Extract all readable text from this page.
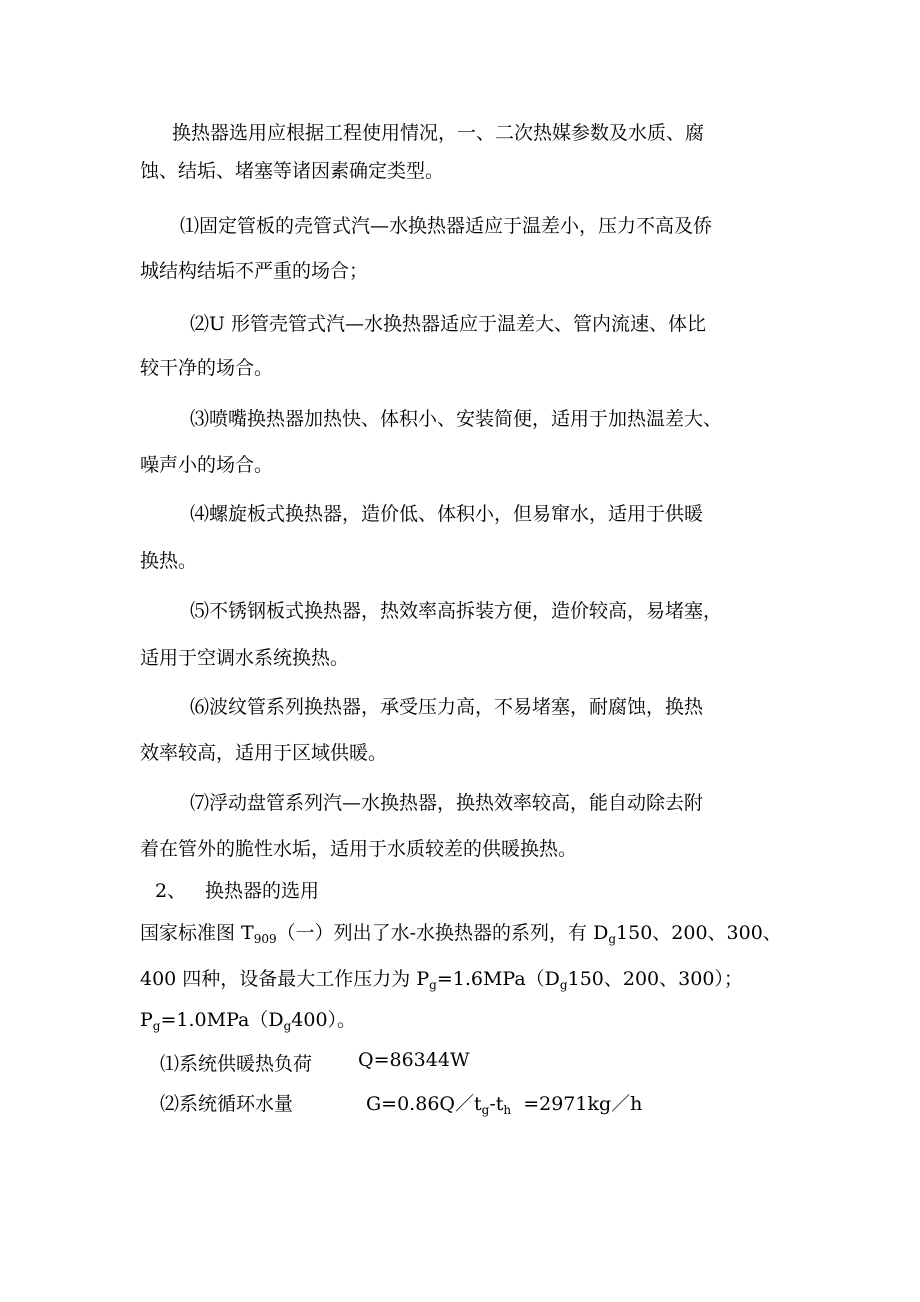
换热器选用应根据工程使用情况，一、二次热媒参数及水质、腐
蚀、结垢、堵塞等诸因素确定类型。
⑴固定管板的壳管式汽—水换热器适应于温差小，压力不高及侨
城结构结垢不严重的场合；
⑵U 形管壳管式汽—水换热器适应于温差大、管内流速、体比
较干净的场合。
⑶喷嘴换热器加热快、体积小、安装简便，适用于加热温差大、
噪声小的场合。
⑷螺旋板式换热器，造价低、体积小，但易窜水，适用于供暖
换热。
⑸不锈钢板式换热器，热效率高拆装方便，造价较高，易堵塞，
适用于空调水系统换热。
⑹波纹管系列换热器，承受压力高，不易堵塞，耐腐蚀，换热
效率较高，适用于区域供暖。
⑺浮动盘管系列汽—水换热器，换热效率较高，能自动除去附
着在管外的脆性水垢，适用于水质较差的供暖换热。
2、 换热器的选用
国家标准图 $T_{909}$（一）列出了水-水换热器的系列，有 $D_g150$、200、300、
400 四种，设备最大工作压力为 $P_g=1.6MPa(D_g150$、200、300）；
$P_g=1.0MPa(D_g400)$。
⑴系统供暖热负荷 Q=86344W
⑵系统循环水量	$G=0.86Q/t_g-t_h$ =2971kg／h
